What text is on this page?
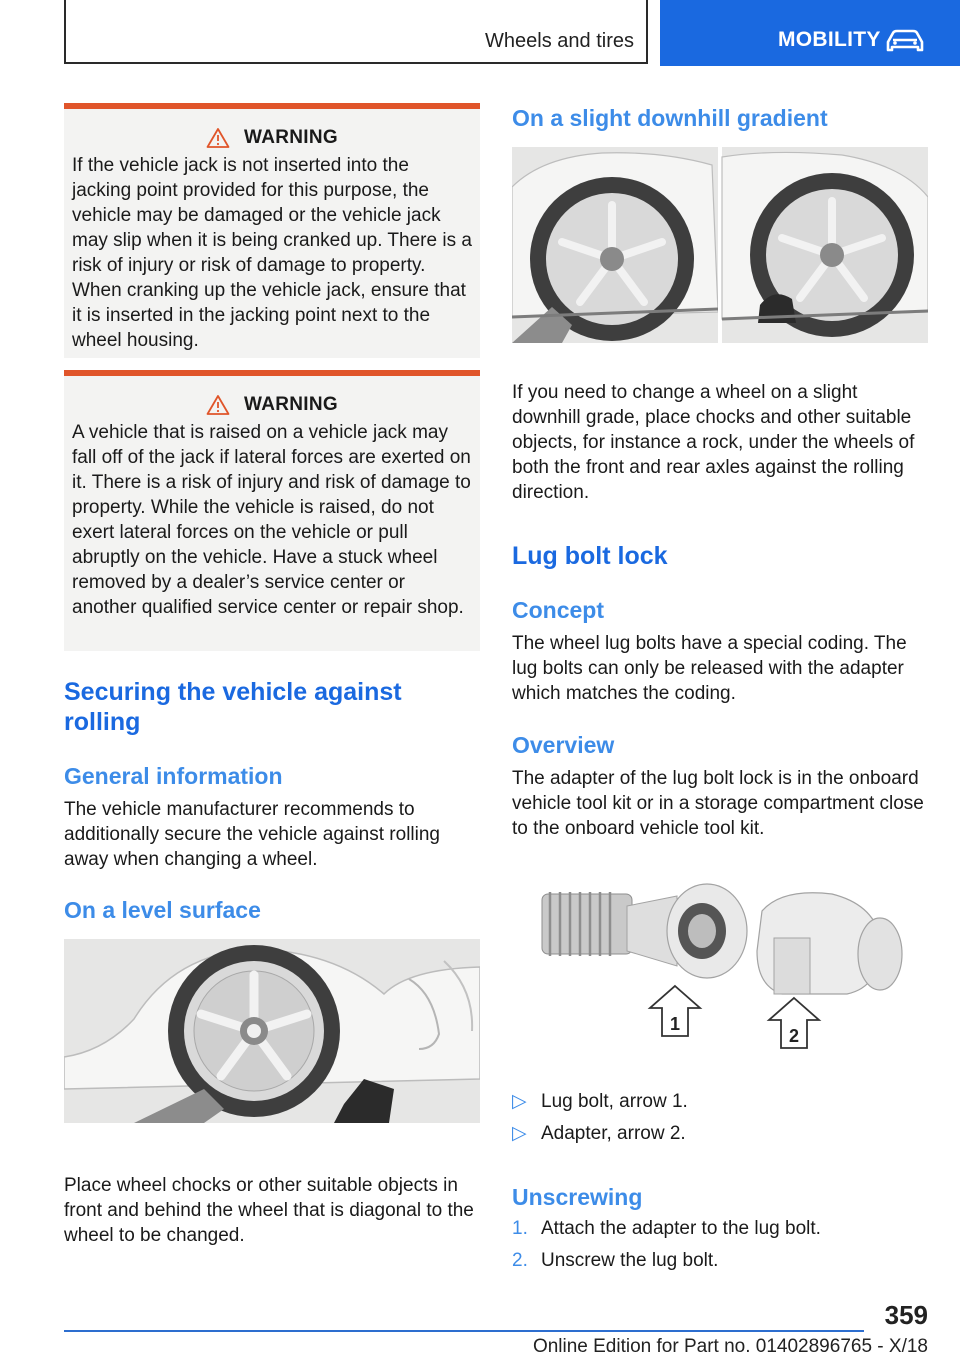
Wheels and tires	MOBILITY
WARNING

If the vehicle jack is not inserted into the jacking point provided for this purpose, the vehicle may be damaged or the vehicle jack may slip when it is being cranked up. There is a risk of injury or risk of damage to property. When cranking up the vehicle jack, ensure that it is inserted in the jacking point next to the wheel housing.

WARNING

A vehicle that is raised on a vehicle jack may fall off of the jack if lateral forces are exerted on it. There is a risk of injury and risk of damage to property. While the vehicle is raised, do not exert lateral forces on the vehicle or pull abruptly on the vehicle. Have a stuck wheel removed by a dealer’s service center or another qualified service center or repair shop.

Securing the vehicle against
rolling
General information

The vehicle manufacturer recommends to additionally secure the vehicle against rolling away when changing a wheel.

On a level surface

Place wheel chocks or other suitable objects in front and behind the wheel that is diagonal to the wheel to be changed.

On a slight downhill gradient

If you need to change a wheel on a slight downhill grade, place chocks and other suitable objects, for instance a rock, under the wheels of both the front and rear axles against the rolling direction.

Lug bolt lock
Concept

The wheel lug bolts have a special coding. The lug bolts can only be released with the adapter which matches the coding.

Overview

The adapter of the lug bolt lock is in the onboard vehicle tool kit or in a storage compartment close to the onboard vehicle tool kit.

1
2
▷ Lug bolt, arrow 1.
▷ Adapter, arrow 2.
Unscrewing
1. Attach the adapter to the lug bolt.
2. Unscrew the lug bolt.
359
Online Edition for Part no. 01402896765 - X/18
